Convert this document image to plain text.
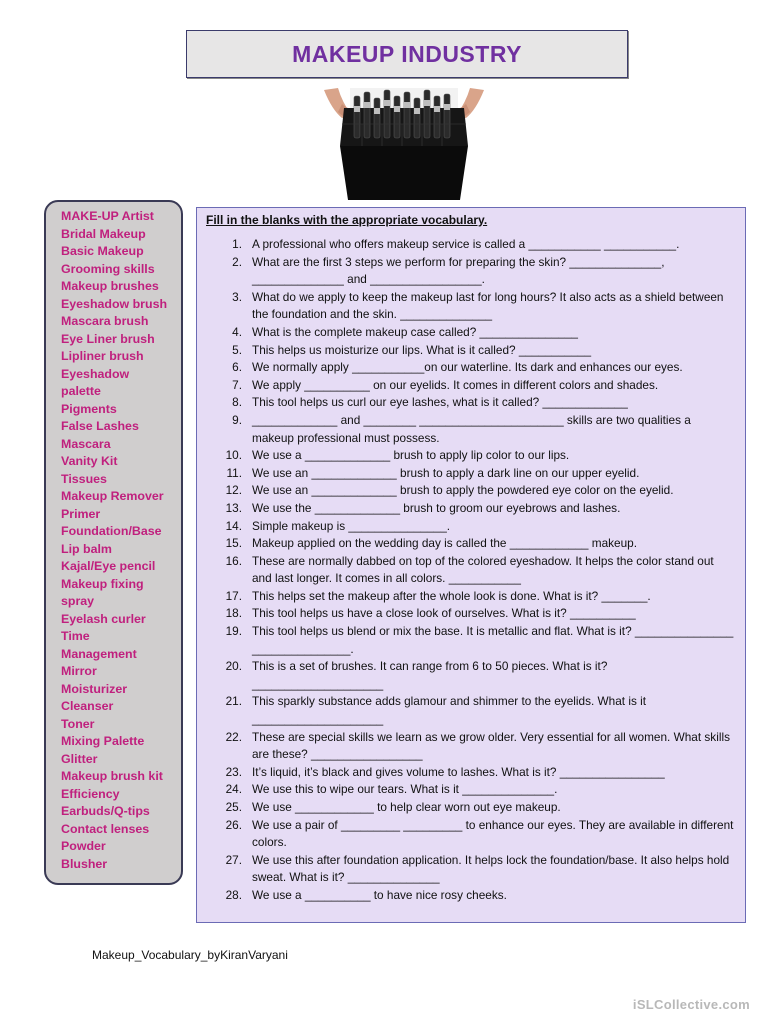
MAKEUP INDUSTRY
MAKE-UP Artist
Bridal Makeup
Basic Makeup
Grooming skills
Makeup brushes
Eyeshadow brush
Mascara brush
Eye Liner brush
Lipliner brush
Eyeshadow
palette
Pigments
False Lashes
Mascara
Vanity Kit
Tissues
Makeup Remover
Primer
Foundation/Base
Lip balm
Kajal/Eye pencil
Makeup fixing
spray
Eyelash curler
Time
Management
Mirror
Moisturizer
Cleanser
Toner
Mixing Palette
Glitter
Makeup brush kit
Efficiency
Earbuds/Q-tips
Contact lenses
Powder
Blusher
Fill in the blanks with the appropriate vocabulary.
1. A professional who offers makeup service is called a ___________ ___________.
2. What are the first 3 steps we perform for preparing the skin? ______________, ______________ and _________________.
3. What do we apply to keep the makeup last for long hours? It also acts as a shield between the foundation and the skin. ______________
4. What is the complete makeup case called? _______________
5. This helps us moisturize our lips. What is it called? ___________
6. We normally apply ___________on our waterline. Its dark and enhances our eyes.
7. We apply __________ on our eyelids. It comes in different colors and shades.
8. This tool helps us curl our eye lashes, what is it called? _____________
9. _____________ and ________ ______________________ skills are two qualities a makeup professional must possess.
10. We use a _____________ brush to apply lip color to our lips.
11. We use an _____________ brush to apply a dark line on our upper eyelid.
12. We use an _____________ brush to apply the powdered eye color on the eyelid.
13. We use the _____________ brush to groom our eyebrows and lashes.
14. Simple makeup is _______________.
15. Makeup applied on the wedding day is called the ____________ makeup.
16. These are normally dabbed on top of the colored eyeshadow. It helps the color stand out and last longer. It comes in all colors. ___________
17. This helps set the makeup after the whole look is done. What is it? _______.
18. This tool helps us have a close look of ourselves. What is it? __________
19. This tool helps us blend or mix the base. It is metallic and flat. What is it? _______________ _______________.
20. This is a set of brushes. It can range from 6 to 50 pieces. What is it? ____________________
21. This sparkly substance adds glamour and shimmer to the eyelids. What is it ____________________
22. These are special skills we learn as we grow older. Very essential for all women. What skills are these? _________________
23. It’s liquid, it’s black and gives volume to lashes. What is it? ________________
24. We use this to wipe our tears. What is it ______________.
25. We use ____________ to help clear worn out eye makeup.
26. We use a pair of _________ _________ to enhance our eyes. They are available in different colors.
27. We use this after foundation application. It helps lock the foundation/base. It also helps hold sweat. What is it? ______________
28. We use a __________ to have nice rosy cheeks.
Makeup_Vocabulary_byKiranVaryani
iSLCollective.com
